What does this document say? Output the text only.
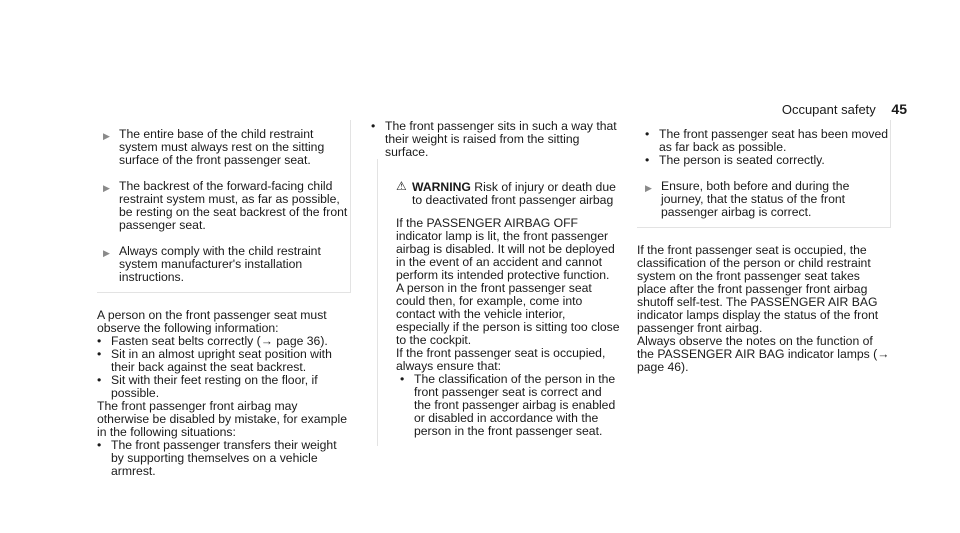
Occupant safety 45
▶ The entire base of the child restraint system must always rest on the sitting surface of the front passenger seat.
▶ The backrest of the forward-facing child restraint system must, as far as possible, be resting on the seat backrest of the front passenger seat.
▶ Always comply with the child restraint system manufacturer's installation instructions.

A person on the front passenger seat must observe the following information:

• Fasten seat belts correctly (→ page 36).
• Sit in an almost upright seat position with their back against the seat backrest.
• Sit with their feet resting on the floor, if possible.

The front passenger front airbag may otherwise be disabled by mistake, for example in the following situations:

• The front passenger transfers their weight by supporting themselves on a vehicle armrest.
• The front passenger sits in such a way that their weight is raised from the sitting surface.
⚠ WARNING Risk of injury or death due to deactivated front passenger airbag

If the PASSENGER AIRBAG OFF indicator lamp is lit, the front passenger airbag is disabled. It will not be deployed in the event of an accident and cannot perform its intended protective function.

A person in the front passenger seat could then, for example, come into contact with the vehicle interior, especially if the person is sitting too close to the cockpit.

If the front passenger seat is occupied, always ensure that:

• The classification of the person in the front passenger seat is correct and the front passenger airbag is enabled or disabled in accordance with the person in the front passenger seat.
• The front passenger seat has been moved as far back as possible.
• The person is seated correctly.
▶ Ensure, both before and during the journey, that the status of the front passenger airbag is correct.

If the front passenger seat is occupied, the classification of the person or child restraint system on the front passenger seat takes place after the front passenger front airbag shutoff self-test. The PASSENGER AIR BAG indicator lamps display the status of the front passenger front airbag.

Always observe the notes on the function of the PASSENGER AIR BAG indicator lamps (→ page 46).
